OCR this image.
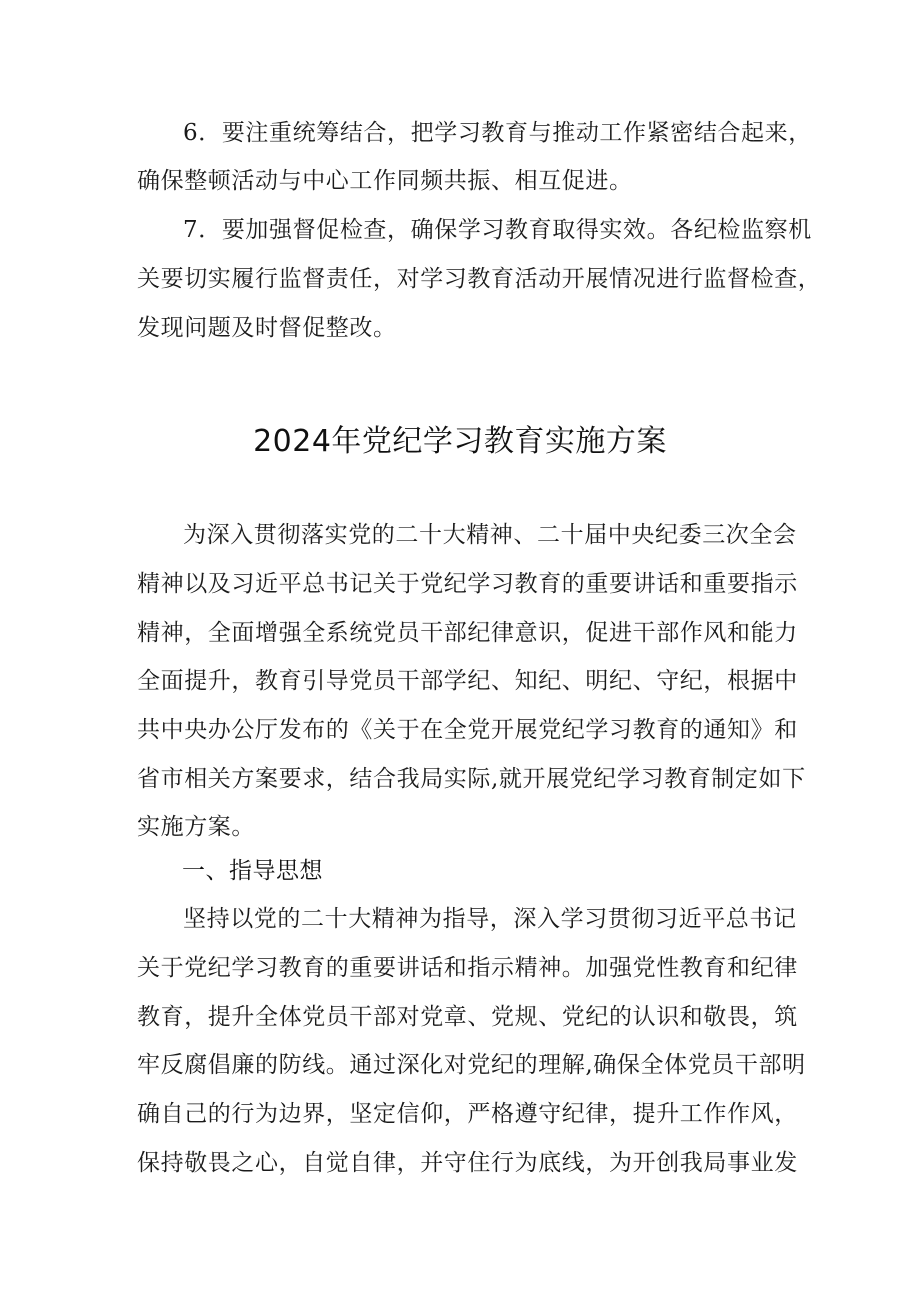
6．要注重统筹结合，把学习教育与推动工作紧密结合起来，
确保整顿活动与中心工作同频共振、相互促进。
7．要加强督促检查，确保学习教育取得实效。各纪检监察机
关要切实履行监督责任，对学习教育活动开展情况进行监督检查，
发现问题及时督促整改。
2024年党纪学习教育实施方案
为深入贯彻落实党的二十大精神、二十届中央纪委三次全会
精神以及习近平总书记关于党纪学习教育的重要讲话和重要指示
精神，全面增强全系统党员干部纪律意识，促进干部作风和能力
全面提升，教育引导党员干部学纪、知纪、明纪、守纪，根据中
共中央办公厅发布的《关于在全党开展党纪学习教育的通知》和
省市相关方案要求，结合我局实际,就开展党纪学习教育制定如下
实施方案。
一、指导思想
坚持以党的二十大精神为指导，深入学习贯彻习近平总书记
关于党纪学习教育的重要讲话和指示精神。加强党性教育和纪律
教育，提升全体党员干部对党章、党规、党纪的认识和敬畏，筑
牢反腐倡廉的防线。通过深化对党纪的理解,确保全体党员干部明
确自己的行为边界，坚定信仰，严格遵守纪律，提升工作作风，
保持敬畏之心，自觉自律，并守住行为底线，为开创我局事业发
